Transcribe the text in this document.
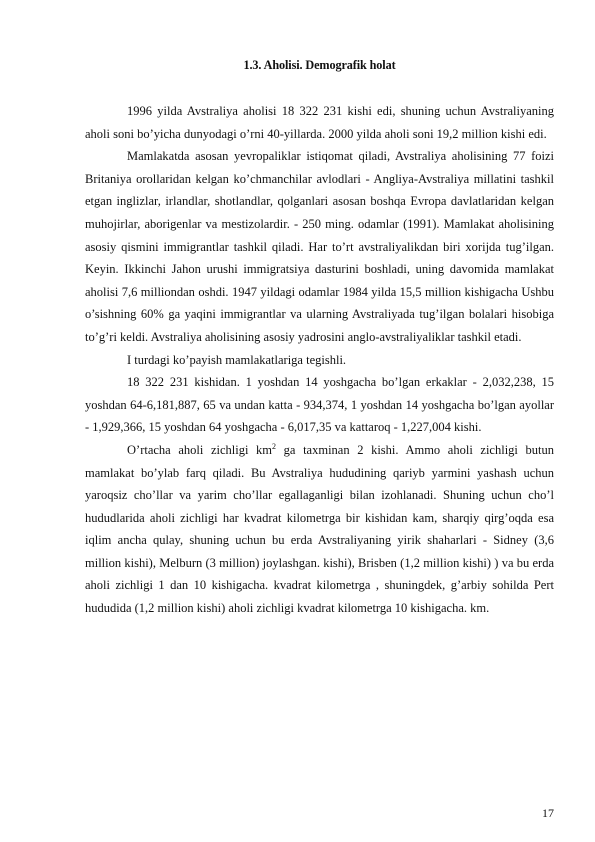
1.3. Aholisi. Demografik holat

1996 yilda Avstraliya aholisi 18 322 231 kishi edi, shuning uchun Avstraliyaning aholi soni bo’yicha dunyodagi o’rni 40-yillarda. 2000 yilda aholi soni 19,2 million kishi edi.

Mamlakatda asosan yevropaliklar istiqomat qiladi, Avstraliya aholisining 77 foizi Britaniya orollaridan kelgan ko’chmanchilar avlodlari - Angliya-Avstraliya millatini tashkil etgan inglizlar, irlandlar, shotlandlar, qolganlari asosan boshqa Evropa davlatlaridan kelgan muhojirlar, aborigenlar va mestizolardir. - 250 ming. odamlar (1991). Mamlakat aholisining asosiy qismini immigrantlar tashkil qiladi. Har to’rt avstraliyalikdan biri xorijda tug’ilgan. Keyin. Ikkinchi Jahon urushi immigratsiya dasturini boshladi, uning davomida mamlakat aholisi 7,6 milliondan oshdi. 1947 yildagi odamlar 1984 yilda 15,5 million kishigacha Ushbu o’sishning 60% ga yaqini immigrantlar va ularning Avstraliyada tug’ilgan bolalari hisobiga to’g’ri keldi. Avstraliya aholisining asosiy yadrosini anglo-avstraliyaliklar tashkil etadi.

I turdagi ko’payish mamlakatlariga tegishli.

18 322 231 kishidan. 1 yoshdan 14 yoshgacha bo’lgan erkaklar - 2,032,238, 15 yoshdan 64-6,181,887, 65 va undan katta - 934,374, 1 yoshdan 14 yoshgacha bo’lgan ayollar - 1,929,366, 15 yoshdan 64 yoshgacha - 6,017,35 va kattaroq - 1,227,004 kishi.

O’rtacha aholi zichligi $km^2$ ga taxminan 2 kishi. Ammo aholi zichligi butun mamlakat bo’ylab farq qiladi. Bu Avstraliya hududining qariyb yarmini yashash uchun yaroqsiz cho’llar va yarim cho’llar egallaganligi bilan izohlanadi. Shuning uchun cho’l hududlarida aholi zichligi har kvadrat kilometrga bir kishidan kam, sharqiy qirg’oqda esa iqlim ancha qulay, shuning uchun bu erda Avstraliyaning yirik shaharlari - Sidney (3,6 million kishi), Melburn (3 million) joylashgan. kishi), Brisben (1,2 million kishi) ) va bu erda aholi zichligi 1 dan 10 kishigacha. kvadrat kilometrga , shuningdek, g’arbiy sohilda Pert hududida (1,2 million kishi) aholi zichligi kvadrat kilometrga 10 kishigacha. km.

17
